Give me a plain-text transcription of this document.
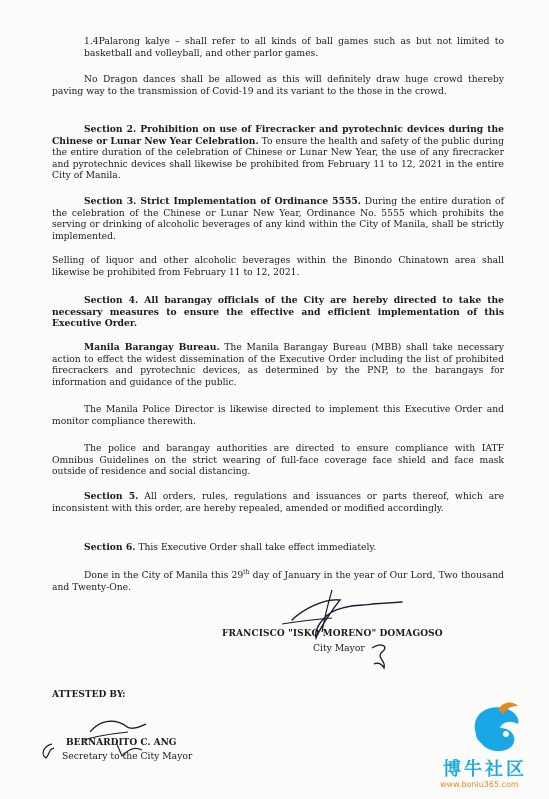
1.4Palarong kalye – shall refer to all kinds of ball games such as but not limited to basketball and volleyball, and other parlor games.
No Dragon dances shall be allowed as this will definitely draw huge crowd thereby paving way to the transmission of Covid-19 and its variant to the those in the crowd.
Section 2. Prohibition on use of Firecracker and pyrotechnic devices during the Chinese or Lunar New Year Celebration. To ensure the health and safety of the public during the entire duration of the celebration of Chinese or Lunar New Year, the use of any firecracker and pyrotechnic devices shall likewise be prohibited from February 11 to 12, 2021 in the entire City of Manila.
Section 3. Strict Implementation of Ordinance 5555. During the entire duration of the celebration of the Chinese or Lunar New Year, Ordinance No. 5555 which prohibits the serving or drinking of alcoholic beverages of any kind within the City of Manila, shall be strictly implemented.
Selling of liquor and other alcoholic beverages within the Binondo Chinatown area shall likewise be prohibited from February 11 to 12, 2021.
Section 4. All barangay officials of the City are hereby directed to take the necessary measures to ensure the effective and efficient implementation of this Executive Order.
Manila Barangay Bureau. The Manila Barangay Bureau (MBB) shall take necessary action to effect the widest dissemination of the Executive Order including the list of prohibited firecrackers and pyrotechnic devices, as determined by the PNP, to the barangays for information and guidance of the public.
The Manila Police Director is likewise directed to implement this Executive Order and monitor compliance therewith.
The police and barangay authorities are directed to ensure compliance with IATF Omnibus Guidelines on the strict wearing of full-face coverage face shield and face mask outside of residence and social distancing.
Section 5. All orders, rules, regulations and issuances or parts thereof, which are inconsistent with this order, are hereby repealed, amended or modified accordingly.
Section 6. This Executive Order shall take effect immediately.
Done in the City of Manila this 29th day of January in the year of Our Lord, Two thousand and Twenty-One.
FRANCISCO "ISKO MORENO" DOMAGOSO
City Mayor
ATTESTED BY:
BERNARDITO C. ANG
Secretary to the City Mayor
博牛社区
www.boniu365.com
